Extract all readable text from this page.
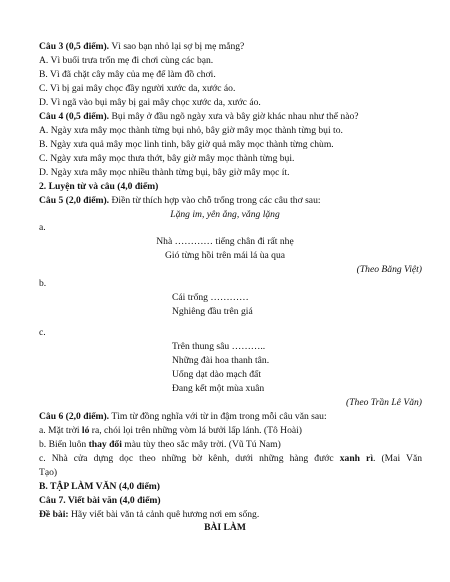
Câu 3 (0,5 điểm). Vì sao bạn nhỏ lại sợ bị mẹ mắng?
A. Vì buổi trưa trốn mẹ đi chơi cùng các bạn.
B. Vì đã chặt cây mây của mẹ để làm đồ chơi.
C. Vì bị gai mây chọc đầy người xước da, xước áo.
D. Vì ngã vào bụi mây bị gai mây chọc xước da, xước áo.
Câu 4 (0,5 điểm). Bụi mây ở đầu ngõ ngày xưa và bây giờ khác nhau như thế nào?
A. Ngày xưa mây mọc thành từng bụi nhỏ, bây giờ mây mọc thành từng bụi to.
B. Ngày xưa quả mây mọc linh tinh, bây giờ quả mây mọc thành từng chùm.
C. Ngày xưa mây mọc thưa thớt, bây giờ mây mọc thành từng bụi.
D. Ngày xưa mây mọc nhiều thành từng bụi, bây giờ mây mọc ít.
2. Luyện từ và câu (4,0 điểm)
Câu 5 (2,0 điểm). Điền từ thích hợp vào chỗ trống trong các câu thơ sau:
Lặng im, yên ắng, vắng lặng
a.
Nhà ………… tiếng chân đi rất nhẹ
Gió từng hồi trên mái lá ùa qua
(Theo Băng Việt)
b.
Cái trống …………
Nghiêng đầu trên giá
c.
Trên thung sâu ………..
Những đài hoa thanh tân.
Uống dạt dào mạch đất
Đang kết một mùa xuân
(Theo Trần Lê Văn)
Câu 6 (2,0 điểm). Tìm từ đồng nghĩa với từ in đậm trong mỗi câu văn sau:
a. Mặt trời ló ra, chói lọi trên những vòm lá bưởi lấp lánh. (Tô Hoài)
b. Biển luôn thay đổi màu tùy theo sắc mây trời. (Vũ Tú Nam)
c. Nhà cửa dựng dọc theo những bờ kênh, dưới những hàng đước xanh rì. (Mai Văn
Tạo)
B. TẬP LÀM VĂN (4,0 điểm)
Câu 7. Viết bài văn (4,0 điểm)
Đề bài: Hãy viết bài văn tả cảnh quê hương nơi em sống.
BÀI LÀM
